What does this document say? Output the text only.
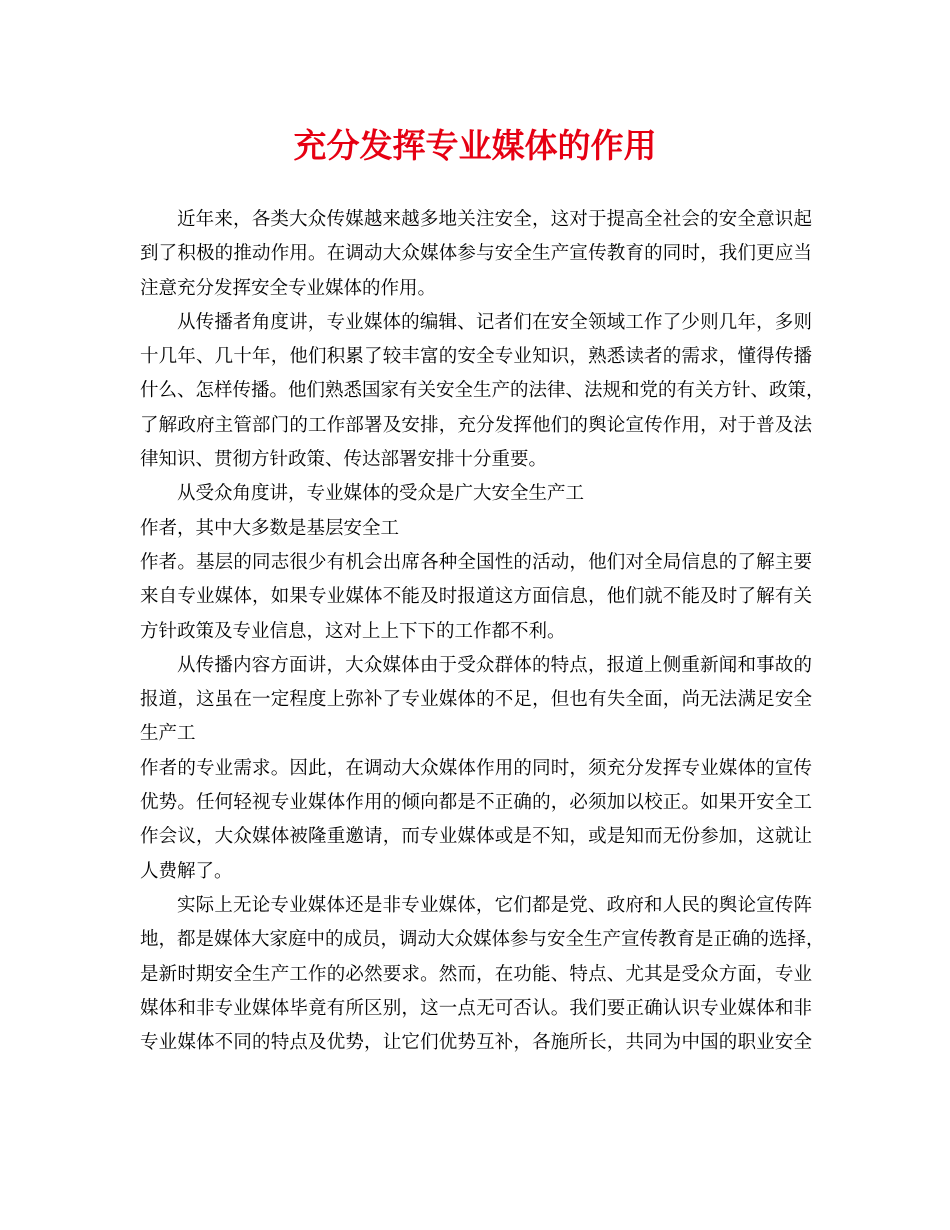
充分发挥专业媒体的作用
近年来，各类大众传媒越来越多地关注安全，这对于提高全社会的安全意识起
到了积极的推动作用。在调动大众媒体参与安全生产宣传教育的同时，我们更应当
注意充分发挥安全专业媒体的作用。
从传播者角度讲，专业媒体的编辑、记者们在安全领域工作了少则几年，多则
十几年、几十年，他们积累了较丰富的安全专业知识，熟悉读者的需求，懂得传播
什么、怎样传播。他们熟悉国家有关安全生产的法律、法规和党的有关方针、政策，
了解政府主管部门的工作部署及安排，充分发挥他们的舆论宣传作用，对于普及法
律知识、贯彻方针政策、传达部署安排十分重要。
从受众角度讲，专业媒体的受众是广大安全生产工
作者，其中大多数是基层安全工
作者。基层的同志很少有机会出席各种全国性的活动，他们对全局信息的了解主要
来自专业媒体，如果专业媒体不能及时报道这方面信息，他们就不能及时了解有关
方针政策及专业信息，这对上上下下的工作都不利。
从传播内容方面讲，大众媒体由于受众群体的特点，报道上侧重新闻和事故的
报道，这虽在一定程度上弥补了专业媒体的不足，但也有失全面，尚无法满足安全
生产工
作者的专业需求。因此，在调动大众媒体作用的同时，须充分发挥专业媒体的宣传
优势。任何轻视专业媒体作用的倾向都是不正确的，必须加以校正。如果开安全工
作会议，大众媒体被隆重邀请，而专业媒体或是不知，或是知而无份参加，这就让
人费解了。
实际上无论专业媒体还是非专业媒体，它们都是党、政府和人民的舆论宣传阵
地，都是媒体大家庭中的成员，调动大众媒体参与安全生产宣传教育是正确的选择，
是新时期安全生产工作的必然要求。然而，在功能、特点、尤其是受众方面，专业
媒体和非专业媒体毕竟有所区别，这一点无可否认。我们要正确认识专业媒体和非
专业媒体不同的特点及优势，让它们优势互补，各施所长，共同为中国的职业安全
